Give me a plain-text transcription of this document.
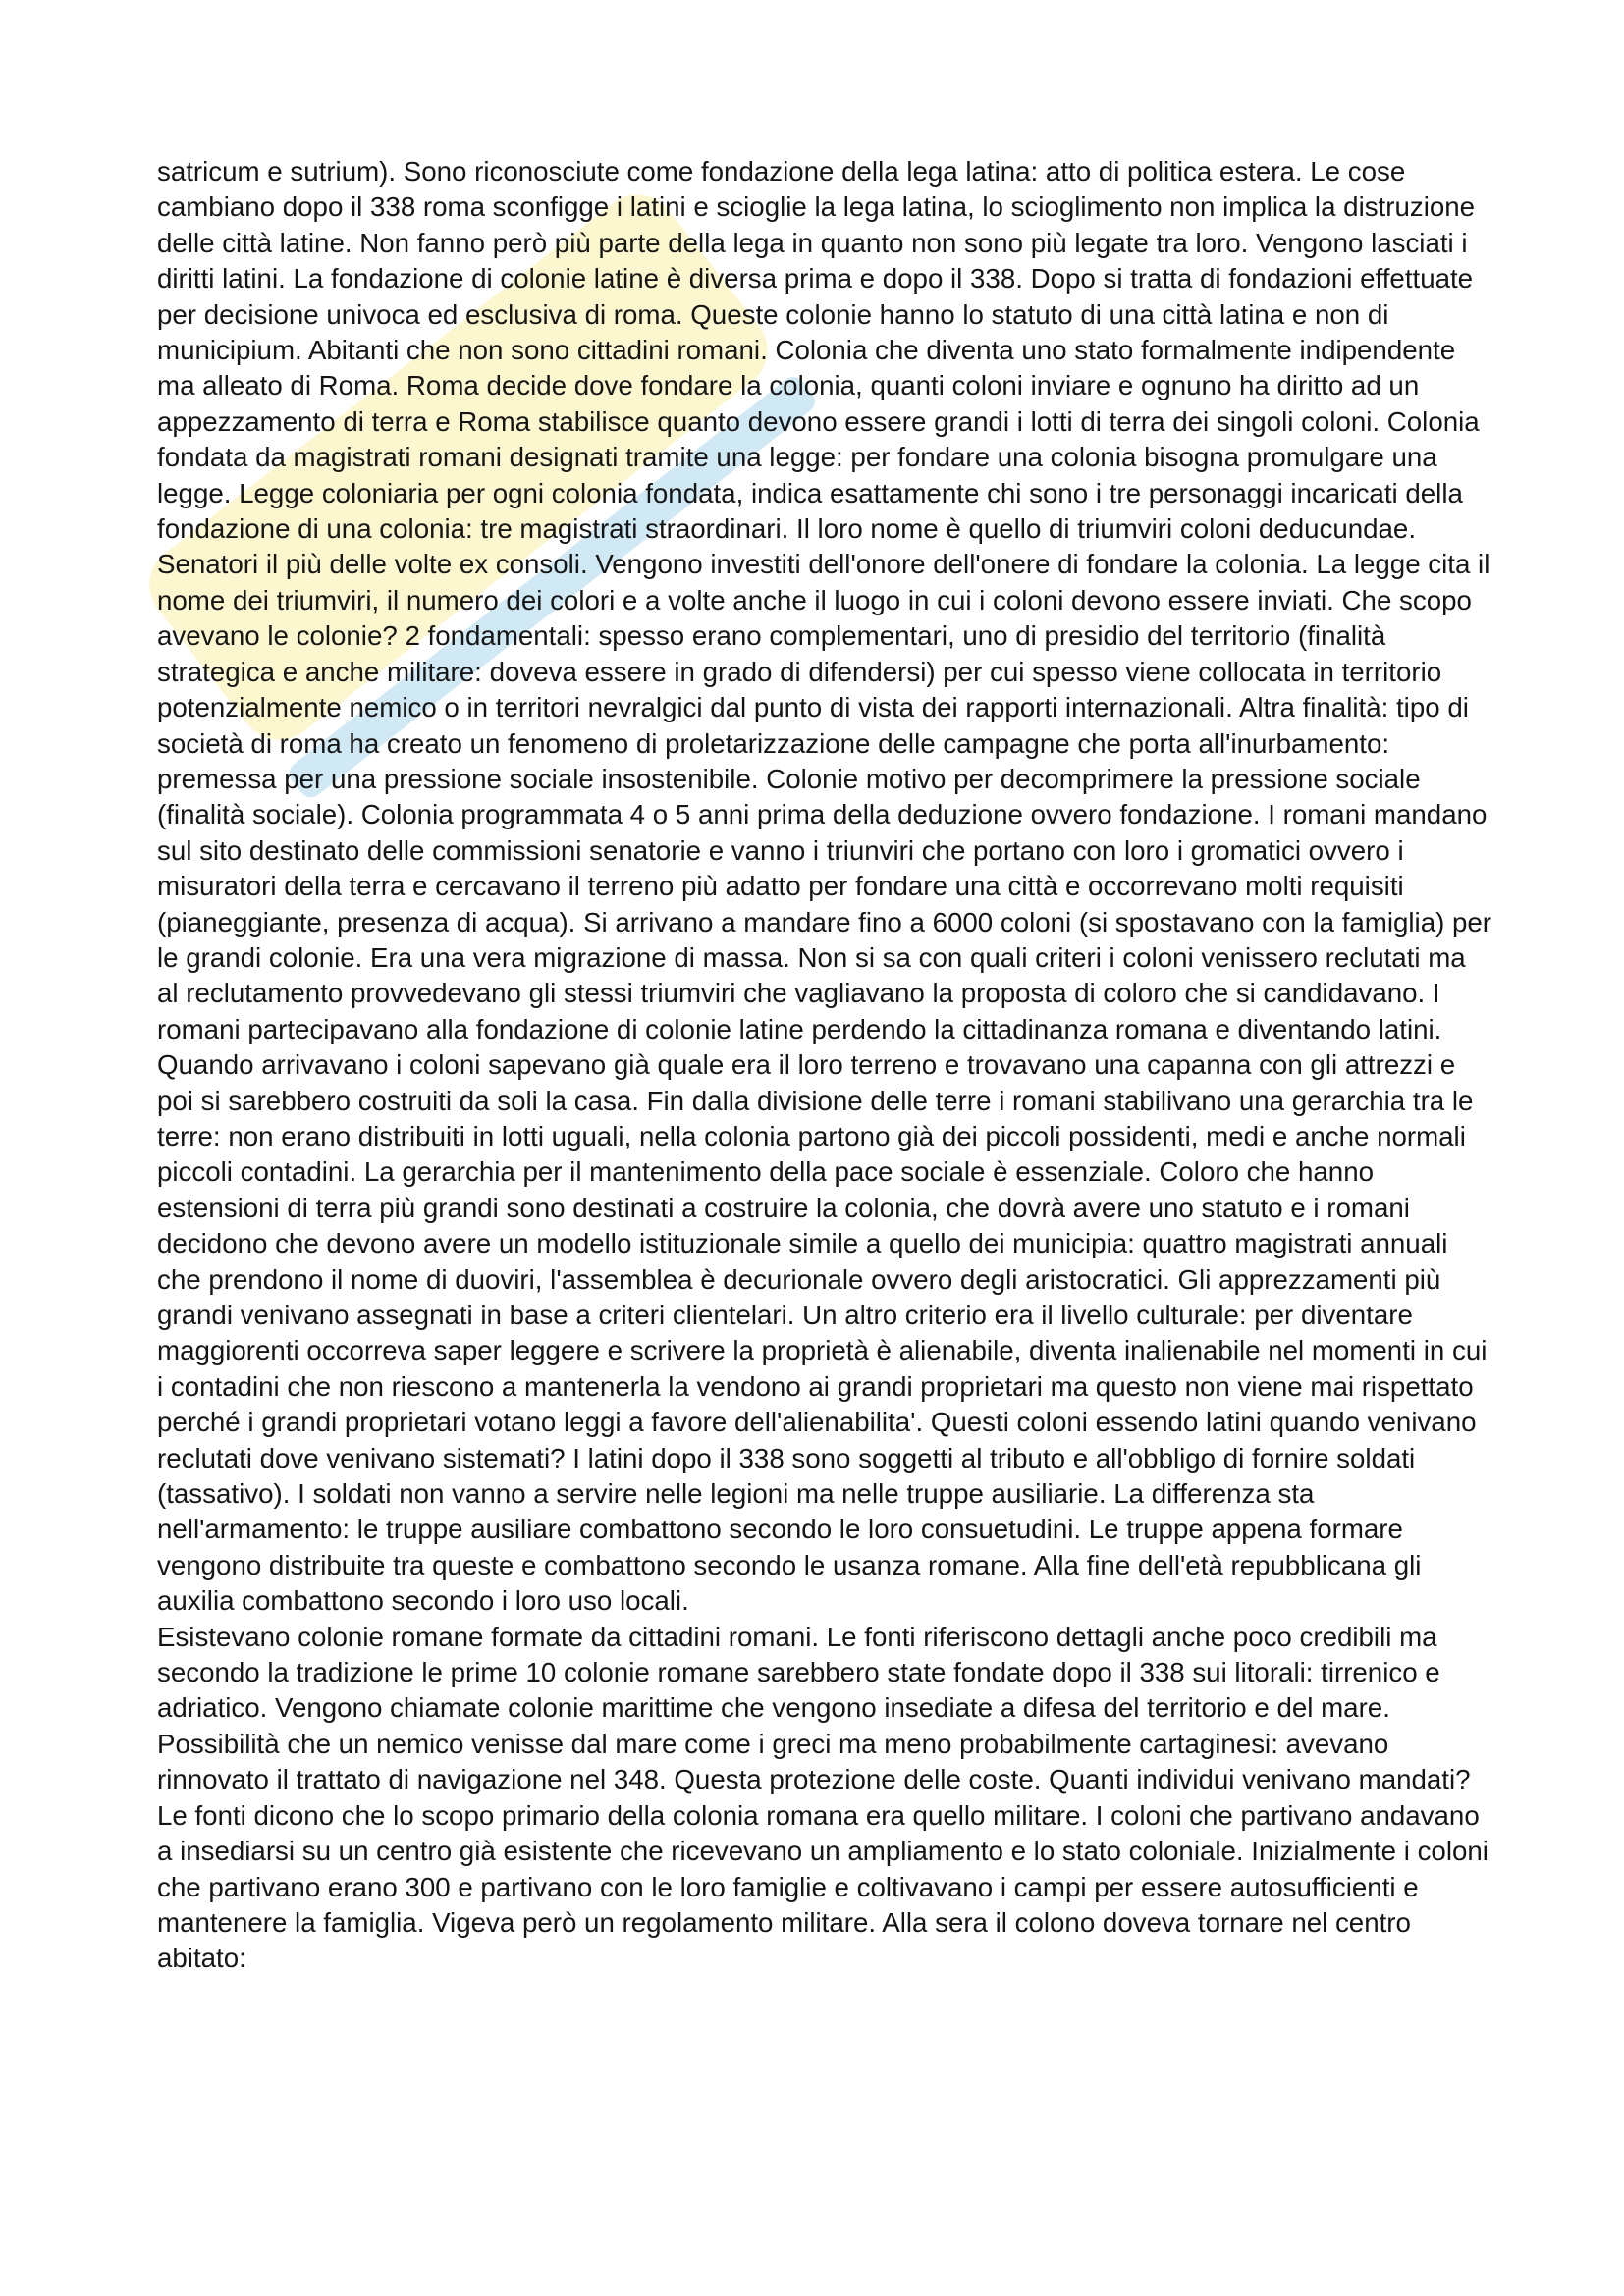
satricum e sutrium). Sono riconosciute come fondazione della lega latina: atto di politica estera. Le cose cambiano dopo il 338 roma sconfigge i latini e scioglie la lega latina, lo scioglimento non implica la distruzione delle città latine. Non fanno però più parte della lega in quanto non sono più legate tra loro. Vengono lasciati i diritti latini. La fondazione di colonie latine è diversa prima e dopo il 338. Dopo si tratta di fondazioni effettuate per decisione univoca ed esclusiva di roma. Queste colonie hanno lo statuto di una città latina e non di municipium. Abitanti che non sono cittadini romani. Colonia che diventa uno stato formalmente indipendente ma alleato di Roma. Roma decide dove fondare la colonia, quanti coloni inviare e ognuno ha diritto ad un appezzamento di terra e Roma stabilisce quanto devono essere grandi i lotti di terra dei singoli coloni. Colonia fondata da magistrati romani designati tramite una legge: per fondare una colonia bisogna promulgare una legge. Legge coloniaria per ogni colonia fondata, indica esattamente chi sono i tre personaggi incaricati della fondazione di una colonia: tre magistrati straordinari. Il loro nome è quello di triumviri coloni deducundae. Senatori il più delle volte ex consoli. Vengono investiti dell'onore dell'onere di fondare la colonia. La legge cita il nome dei triumviri, il numero dei colori e a volte anche il luogo in cui i coloni devono essere inviati. Che scopo avevano le colonie? 2 fondamentali: spesso erano complementari, uno di presidio del territorio (finalità strategica e anche militare: doveva essere in grado di difendersi) per cui spesso viene collocata in territorio potenzialmente nemico o in territori nevralgici dal punto di vista dei rapporti internazionali. Altra finalità: tipo di società di roma ha creato un fenomeno di proletarizzazione delle campagne che porta all'inurbamento: premessa per una pressione sociale insostenibile. Colonie motivo per decomprimere la pressione sociale (finalità sociale). Colonia programmata 4 o 5 anni prima della deduzione ovvero fondazione. I romani mandano sul sito destinato delle commissioni senatorie e vanno i triunviri che portano con loro i gromatici ovvero i misuratori della terra e cercavano il terreno più adatto per fondare una città e occorrevano molti requisiti (pianeggiante, presenza di acqua). Si arrivano a mandare fino a 6000 coloni (si spostavano con la famiglia) per le grandi colonie. Era una vera migrazione di massa. Non si sa con quali criteri i coloni venissero reclutati ma al reclutamento provvedevano gli stessi triumviri che vagliavano la proposta di coloro che si candidavano. I romani partecipavano alla fondazione di colonie latine perdendo la cittadinanza romana e diventando latini. Quando arrivavano i coloni sapevano già quale era il loro terreno e trovavano una capanna con gli attrezzi e poi si sarebbero costruiti da soli la casa. Fin dalla divisione delle terre i romani stabilivano una gerarchia tra le terre: non erano distribuiti in lotti uguali, nella colonia partono già dei piccoli possidenti, medi e anche normali piccoli contadini. La gerarchia per il mantenimento della pace sociale è essenziale. Coloro che hanno estensioni di terra più grandi sono destinati a costruire la colonia, che dovrà avere uno statuto e i romani decidono che devono avere un modello istituzionale simile a quello dei municipia: quattro magistrati annuali che prendono il nome di duoviri, l'assemblea è decurionale ovvero degli aristocratici. Gli apprezzamenti più grandi venivano assegnati in base a criteri clientelari. Un altro criterio era il livello culturale: per diventare maggiorenti occorreva saper leggere e scrivere la proprietà è alienabile, diventa inalienabile nel momenti in cui i contadini che non riescono a mantenerla la vendono ai grandi proprietari ma questo non viene mai rispettato perché i grandi proprietari votano leggi a favore dell'alienabilita'. Questi coloni essendo latini quando venivano reclutati dove venivano sistemati? I latini dopo il 338 sono soggetti al tributo e all'obbligo di fornire soldati (tassativo). I soldati non vanno a servire nelle legioni ma nelle truppe ausiliarie. La differenza sta nell'armamento: le truppe ausiliare combattono secondo le loro consuetudini. Le truppe appena formare vengono distribuite tra queste e combattono secondo le usanza romane. Alla fine dell'età repubblicana gli auxilia combattono secondo i loro uso locali.

Esistevano colonie romane formate da cittadini romani. Le fonti riferiscono dettagli anche poco credibili ma secondo la tradizione le prime 10 colonie romane sarebbero state fondate dopo il 338 sui litorali: tirrenico e adriatico. Vengono chiamate colonie marittime che vengono insediate a difesa del territorio e del mare. Possibilità che un nemico venisse dal mare come i greci ma meno probabilmente cartaginesi: avevano rinnovato il trattato di navigazione nel 348. Questa protezione delle coste. Quanti individui venivano mandati? Le fonti dicono che lo scopo primario della colonia romana era quello militare. I coloni che partivano andavano a insediarsi su un centro già esistente che ricevevano un ampliamento e lo stato coloniale. Inizialmente i coloni che partivano erano 300 e partivano con le loro famiglie e coltivavano i campi per essere autosufficienti e mantenere la famiglia. Vigeva però un regolamento militare. Alla sera il colono doveva tornare nel centro abitato:
